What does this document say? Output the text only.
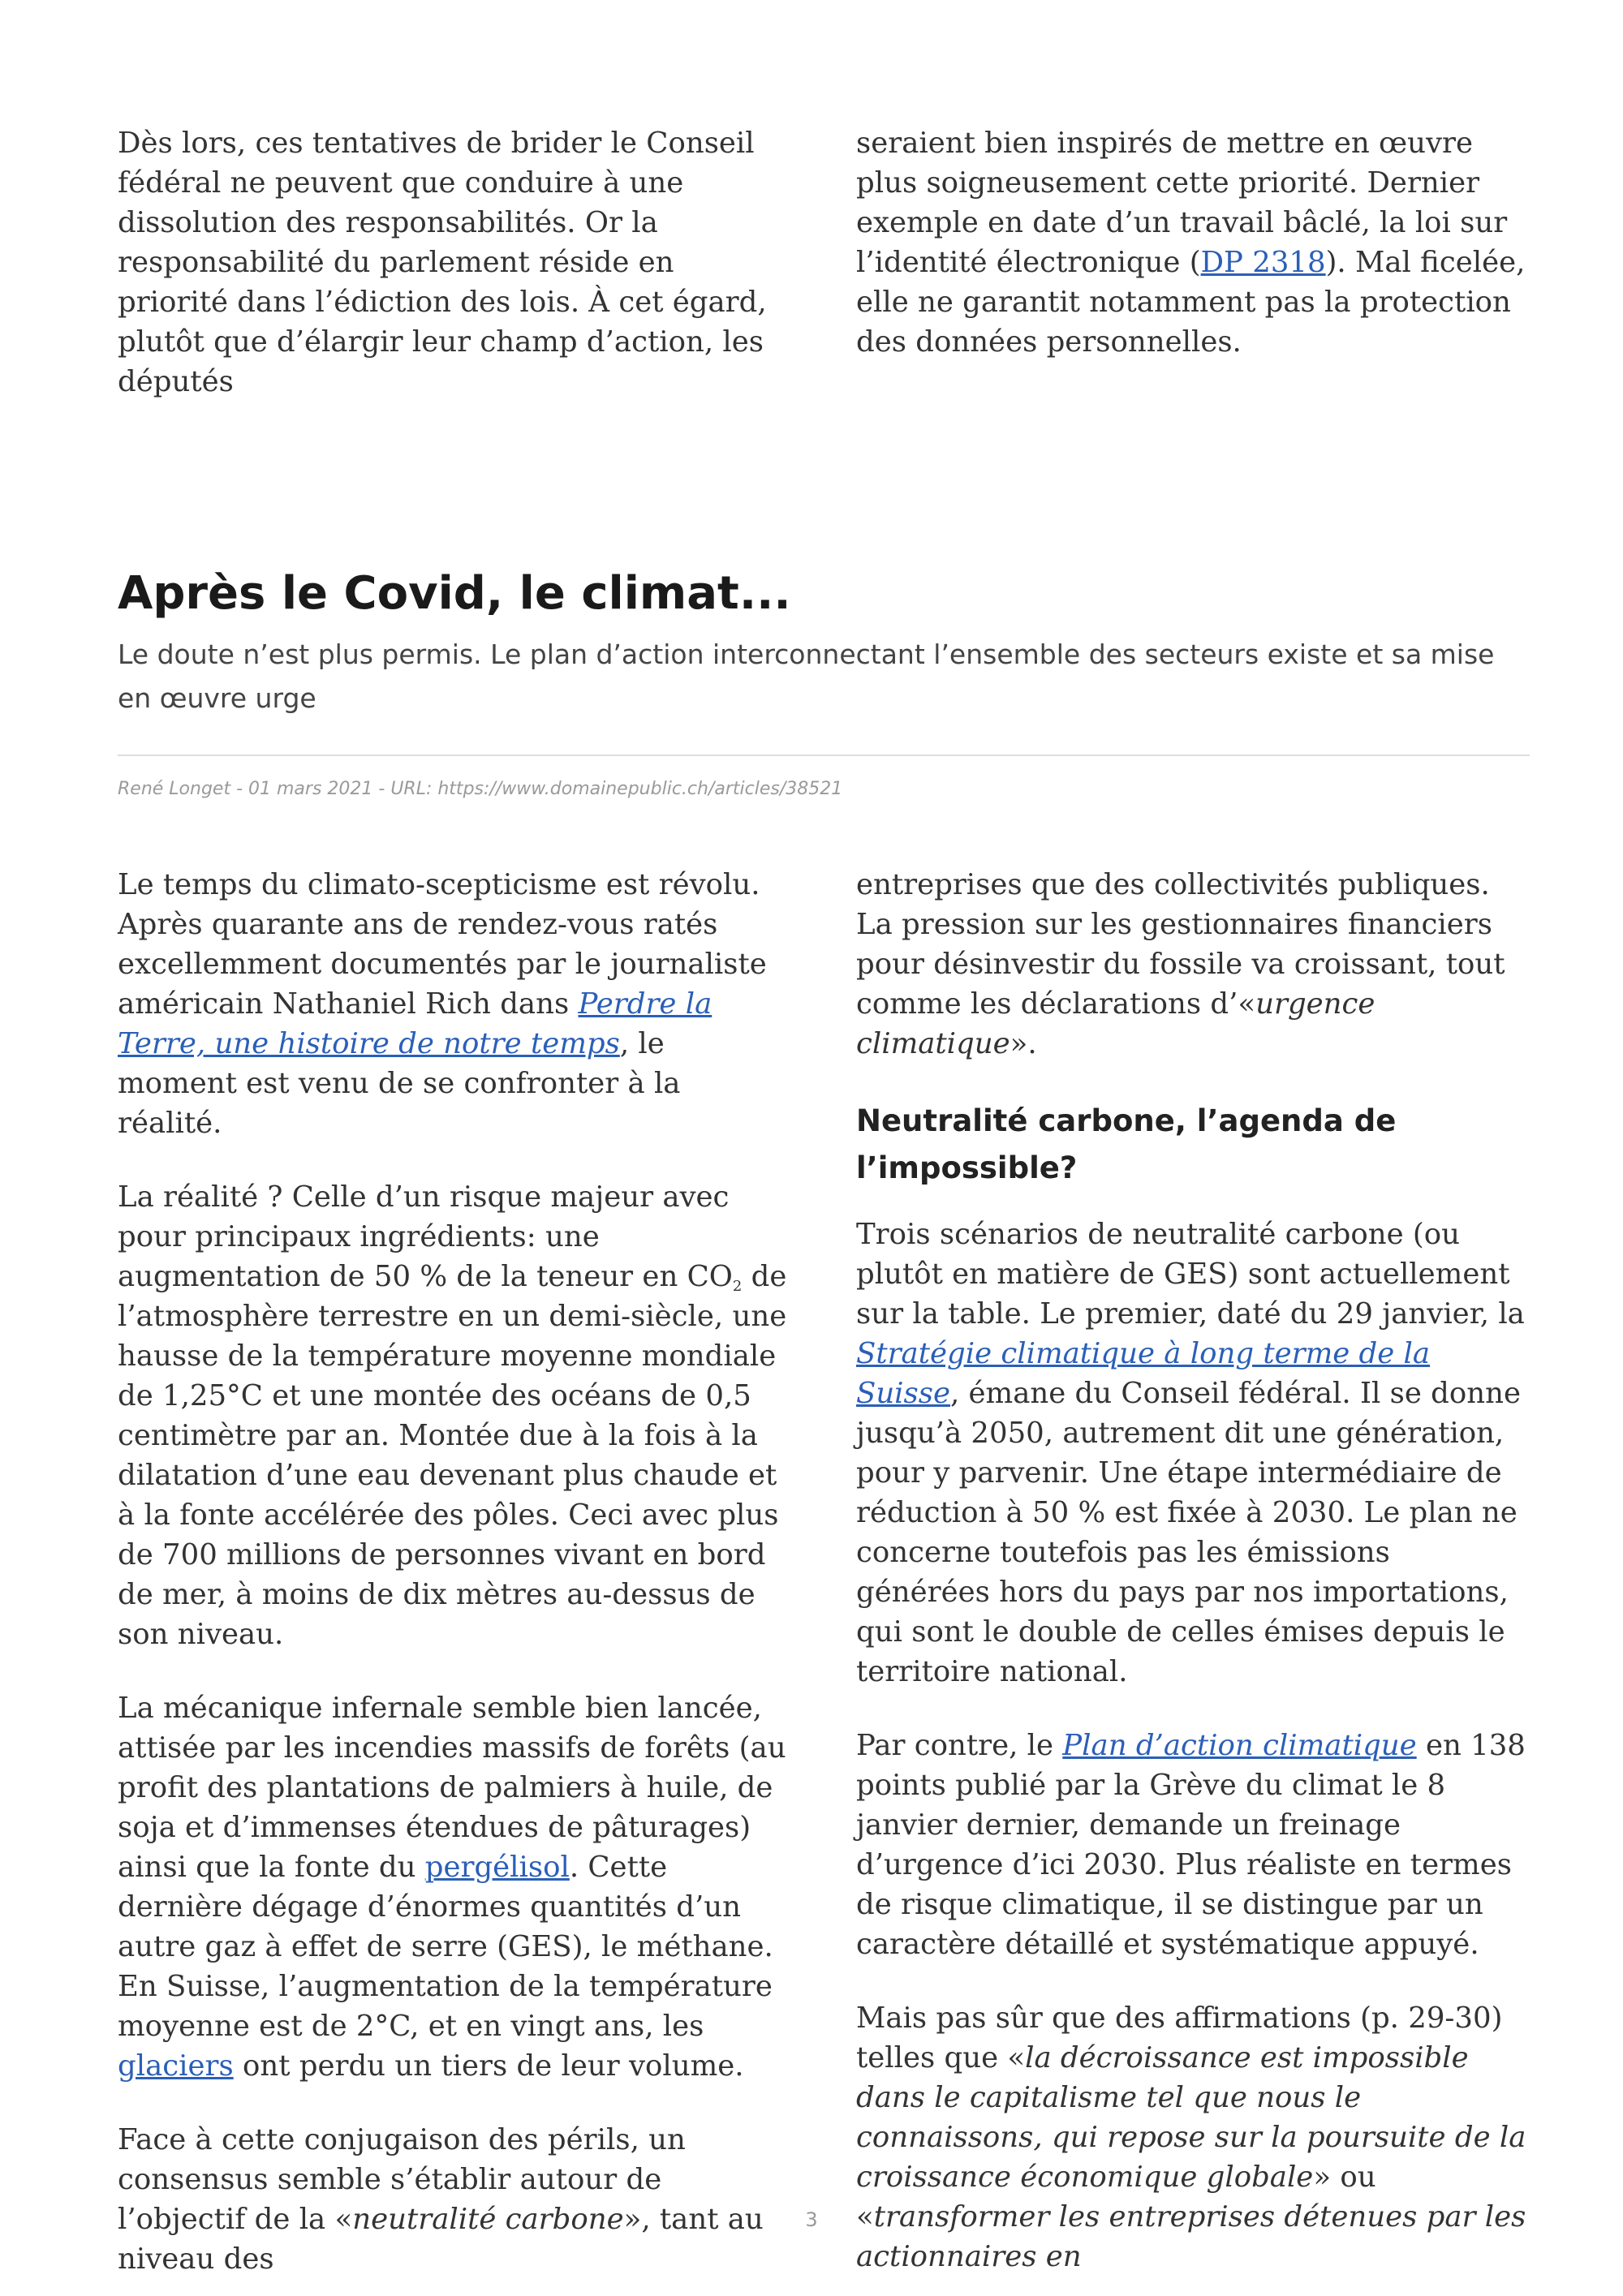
Dès lors, ces tentatives de brider le Conseil fédéral ne peuvent que conduire à une dissolution des responsabilités. Or la responsabilité du parlement réside en priorité dans l’édiction des lois. À cet égard, plutôt que d’élargir leur champ d’action, les députés

seraient bien inspirés de mettre en œuvre plus soigneusement cette priorité. Dernier exemple en date d’un travail bâclé, la loi sur l’identité électronique (DP 2318). Mal ficelée, elle ne garantit notamment pas la protection des données personnelles.

Après le Covid, le climat...

Le doute n’est plus permis. Le plan d’action interconnectant l’ensemble des secteurs existe et sa mise en œuvre urge

René Longet - 01 mars 2021 - URL: https://www.domainepublic.ch/articles/38521

Le temps du climato-scepticisme est révolu. Après quarante ans de rendez-vous ratés excellemment documentés par le journaliste américain Nathaniel Rich dans Perdre la Terre, une histoire de notre temps, le moment est venu de se confronter à la réalité.

La réalité ? Celle d’un risque majeur avec pour principaux ingrédients: une augmentation de 50 % de la teneur en $CO_2$ de l’atmosphère terrestre en un demi-siècle, une hausse de la température moyenne mondiale de 1,25°C et une montée des océans de 0,5 centimètre par an. Montée due à la fois à la dilatation d’une eau devenant plus chaude et à la fonte accélérée des pôles. Ceci avec plus de 700 millions de personnes vivant en bord de mer, à moins de dix mètres au-dessus de son niveau.

La mécanique infernale semble bien lancée, attisée par les incendies massifs de forêts (au profit des plantations de palmiers à huile, de soja et d’immenses étendues de pâturages) ainsi que la fonte du pergélisol. Cette dernière dégage d’énormes quantités d’un autre gaz à effet de serre (GES), le méthane. En Suisse, l’augmentation de la température moyenne est de 2°C, et en vingt ans, les glaciers ont perdu un tiers de leur volume.

Face à cette conjugaison des périls, un consensus semble s’établir autour de l’objectif de la «neutralité carbone», tant au niveau des

entreprises que des collectivités publiques. La pression sur les gestionnaires financiers pour désinvestir du fossile va croissant, tout comme les déclarations d’«urgence climatique».

Neutralité carbone, l’agenda de l’impossible?

Trois scénarios de neutralité carbone (ou plutôt en matière de GES) sont actuellement sur la table. Le premier, daté du 29 janvier, la Stratégie climatique à long terme de la Suisse, émane du Conseil fédéral. Il se donne jusqu’à 2050, autrement dit une génération, pour y parvenir. Une étape intermédiaire de réduction à 50 % est fixée à 2030. Le plan ne concerne toutefois pas les émissions générées hors du pays par nos importations, qui sont le double de celles émises depuis le territoire national.

Par contre, le Plan d’action climatique en 138 points publié par la Grève du climat le 8 janvier dernier, demande un freinage d’urgence d’ici 2030. Plus réaliste en termes de risque climatique, il se distingue par un caractère détaillé et systématique appuyé.

Mais pas sûr que des affirmations (p. 29-30) telles que «la décroissance est impossible dans le capitalisme tel que nous le connaissons, qui repose sur la poursuite de la croissance économique globale» ou «transformer les entreprises détenues par les actionnaires en

3
